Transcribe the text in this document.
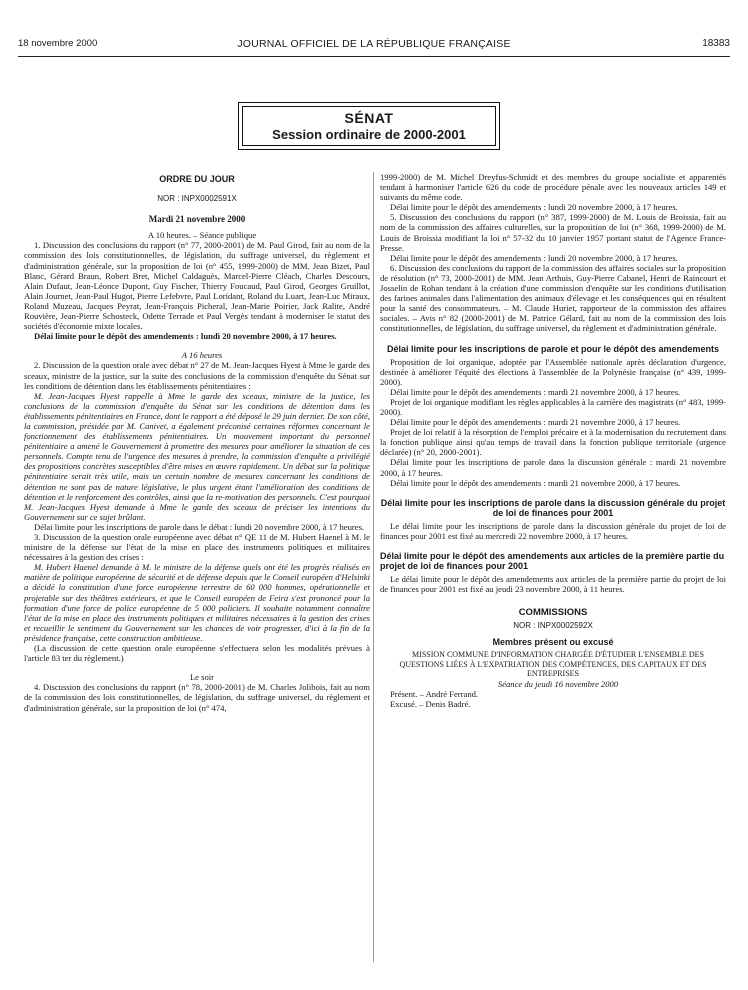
18 novembre 2000	JOURNAL OFFICIEL DE LA RÉPUBLIQUE FRANÇAISE	18383
SÉNAT
Session ordinaire de 2000-2001
ORDRE DU JOUR
NOR : INPX0002591X
Mardi 21 novembre 2000

A 10 heures. – Séance publique

1. Discussion des conclusions du rapport (n° 77, 2000-2001) de M. Paul Girod, fait au nom de la commission des lois constitutionnelles, de législation, du suffrage universel, du règlement et d'administration générale, sur la proposition de loi (n° 455, 1999-2000) de MM. Jean Bizet, Paul Blanc, Gérard Braun, Robert Bret, Michel Caldaguès, Marcel-Pierre Cléach, Charles Descours, Alain Dufaut, Jean-Léonce Dupont, Guy Fischer, Thierry Foucaud, Paul Girod, Georges Gruillot, Alain Journet, Jean-Paul Hugot, Pierre Lefebvre, Paul Loridant, Roland du Luart, Jean-Luc Miraux, Roland Muzeau, Jacques Peyrat, Jean-François Picheral, Jean-Marie Poirier, Jack Ralite, André Rouvière, Jean-Pierre Schosteck, Odette Terrade et Paul Vergès tendant à moderniser le statut des sociétés d'économie mixte locales.

Délai limite pour le dépôt des amendements : lundi 20 novembre 2000, à 17 heures.

A 16 heures

2. Discussion de la question orale avec débat n° 27 de M. Jean-Jacques Hyest à Mme le garde des sceaux, ministre de la justice, sur la suite des conclusions de la commission d'enquête du Sénat sur les conditions de détention dans les établissements pénitentiaires :

M. Jean-Jacques Hyest rappelle à Mme le garde des sceaux, ministre de la justice, les conclusions de la commission d'enquête du Sénat sur les conditions de détention dans les établissements pénitentiaires en France, dont le rapport a été déposé le 29 juin dernier. De son côté, la commission, présidée par M. Canivet, a également préconisé certaines réformes concernant le fonctionnement des établissements pénitentiaires. Un mouvement important du personnel pénitentiaire a amené le Gouvernement à promettre des mesures pour améliorer la situation de ces personnels. Compte tenu de l'urgence des mesures à prendre, la commission d'enquête a privilégié des propositions concrètes susceptibles d'être mises en œuvre rapidement. Un débat sur la politique pénitentiaire serait très utile, mais un certain nombre de mesures concernant les conditions de détention ne sont pas de nature législative, le plus urgent étant l'amélioration des conditions de détention et le renforcement des contrôles, ainsi que la re-motivation des personnels. C'est pourquoi M. Jean-Jacques Hyest demande à Mme le garde des sceaux de préciser les intentions du Gouvernement sur ce sujet brûlant.

Délai limite pour les inscriptions de parole dans le débat : lundi 20 novembre 2000, à 17 heures.

3. Discussion de la question orale européenne avec débat n° QE 11 de M. Hubert Haenel à M. le ministre de la défense sur l'état de la mise en place des instruments politiques et militaires nécessaires à la gestion des crises :

M. Hubert Haenel demande à M. le ministre de la défense quels ont été les progrès réalisés en matière de politique européenne de sécurité et de défense depuis que le Conseil européen d'Helsinki a décidé la constitution d'une force européenne terrestre de 60 000 hommes, opérationnelle et projetable sur des théâtres extérieurs, et que le Conseil européen de Feira s'est prononcé pour la formation d'une force de police européenne de 5 000 policiers. Il souhaite notamment connaître l'état de la mise en place des instruments politiques et militaires nécessaires à la gestion des crises et recueillir le sentiment du Gouvernement sur les chances de voir progresser, d'ici à la fin de la présidence française, cette construction ambitieuse.

(La discussion de cette question orale européenne s'effectuera selon les modalités prévues à l'article 83 ter du règlement.)

Le soir

4. Discussion des conclusions du rapport (n° 78, 2000-2001) de M. Charles Jolibois, fait au nom de la commission des lois constitutionnelles, de législation, du suffrage universel, du règlement et d'administration générale, sur la proposition de loi (n° 474,

1999-2000) de M. Michel Dreyfus-Schmidt et des membres du groupe socialiste et apparentés tendant à harmoniser l'article 626 du code de procédure pénale avec les nouveaux articles 149 et suivants du même code.

Délai limite pour le dépôt des amendements : lundi 20 novembre 2000, à 17 heures.

5. Discussion des conclusions du rapport (n° 387, 1999-2000) de M. Louis de Broissia, fait au nom de la commission des affaires culturelles, sur la proposition de loi (n° 368, 1999-2000) de M. Louis de Broissia modifiant la loi n° 57-32 du 10 janvier 1957 portant statut de l'Agence France-Presse.

Délai limite pour le dépôt des amendements : lundi 20 novembre 2000, à 17 heures.

6. Discussion des conclusions du rapport de la commission des affaires sociales sur la proposition de résolution (n° 73, 2000-2001) de MM. Jean Arthuis, Guy-Pierre Cabanel, Henri de Raincourt et Josselin de Rohan tendant à la création d'une commission d'enquête sur les conditions d'utilisation des farines animales dans l'alimentation des animaux d'élevage et les conséquences qui en résultent pour la santé des consommateurs. – M. Claude Huriet, rapporteur de la commission des affaires sociales. – Avis n° 82 (2000-2001) de M. Patrice Gélard, fait au nom de la commission des lois constitutionnelles, de législation, du suffrage universel, du règlement et d'administration générale.

Délai limite pour les inscriptions de parole et pour le dépôt des amendements

Proposition de loi organique, adoptée par l'Assemblée nationale après déclaration d'urgence, destinée à améliorer l'équité des élections à l'assemblée de la Polynésie française (n° 439, 1999-2000).

Délai limite pour le dépôt des amendements : mardi 21 novembre 2000, à 17 heures.

Projet de loi organique modifiant les règles applicables à la carrière des magistrats (n° 483, 1999-2000).

Délai limite pour le dépôt des amendements : mardi 21 novembre 2000, à 17 heures.

Projet de loi relatif à la résorption de l'emploi précaire et à la modernisation du recrutement dans la fonction publique ainsi qu'au temps de travail dans la fonction publique territoriale (urgence déclarée) (n° 20, 2000-2001).

Délai limite pour les inscriptions de parole dans la discussion générale : mardi 21 novembre 2000, à 17 heures.

Délai limite pour le dépôt des amendements : mardi 21 novembre 2000, à 17 heures.

Délai limite pour les inscriptions de parole dans la discussion générale du projet de loi de finances pour 2001

Le délai limite pour les inscriptions de parole dans la discussion générale du projet de loi de finances pour 2001 est fixé au mercredi 22 novembre 2000, à 17 heures.

Délai limite pour le dépôt des amendements aux articles de la première partie du projet de loi de finances pour 2001

Le délai limite pour le dépôt des amendements aux articles de la première partie du projet de loi de finances pour 2001 est fixé au jeudi 23 novembre 2000, à 11 heures.

COMMISSIONS
NOR : INPX0002592X
Membres présent ou excusé

MISSION COMMUNE D'INFORMATION CHARGÉE D'ÉTUDIER L'ENSEMBLE DES QUESTIONS LIÉES À L'EXPATRIATION DES COMPÉTENCES, DES CAPITAUX ET DES ENTREPRISES

Séance du jeudi 16 novembre 2000

Présent. – André Ferrand.

Excusé. – Denis Badré.
